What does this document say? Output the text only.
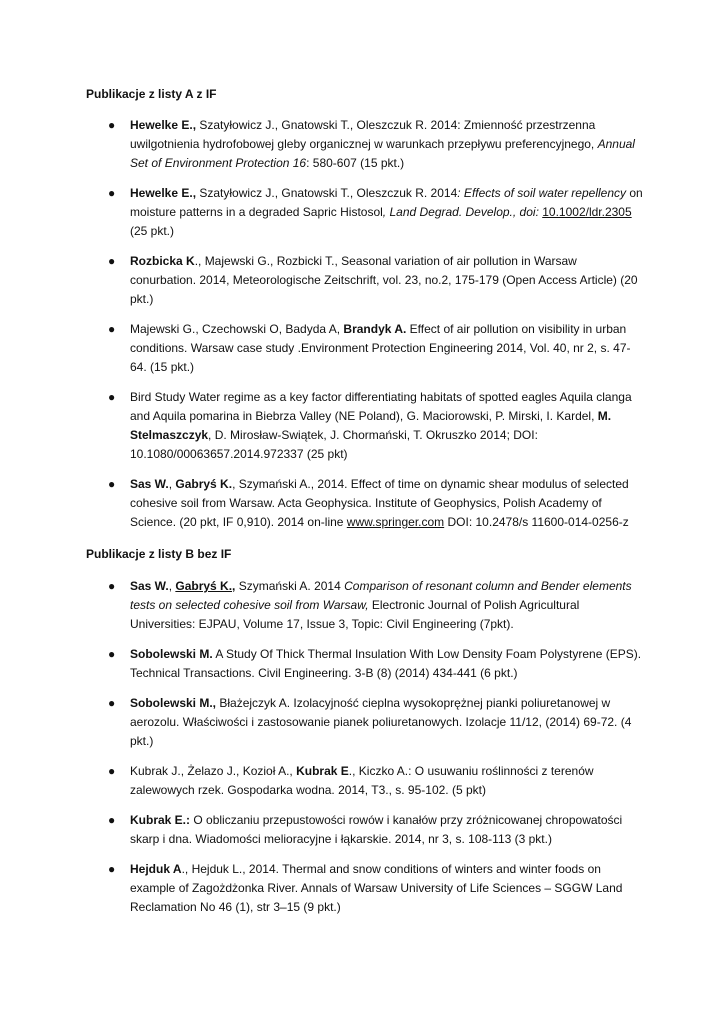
Publikacje z listy A z IF
● Hewelke E., Szatyłowicz J., Gnatowski T., Oleszczuk R. 2014: Zmienność przestrzenna uwilgotnienia hydrofobowej gleby organicznej w warunkach przepływu preferencyjnego, Annual Set of Environment Protection 16: 580-607 (15 pkt.)
● Hewelke E., Szatyłowicz J., Gnatowski T., Oleszczuk R. 2014: Effects of soil water repellency on moisture patterns in a degraded Sapric Histosol, Land Degrad. Develop., doi: 10.1002/ldr.2305 (25 pkt.)
● Rozbicka K., Majewski G., Rozbicki T., Seasonal variation of air pollution in Warsaw conurbation. 2014, Meteorologische Zeitschrift, vol. 23, no.2, 175-179 (Open Access Article) (20 pkt.)
● Majewski G., Czechowski O, Badyda A, Brandyk A. Effect of air pollution on visibility in urban conditions. Warsaw case study .Environment Protection Engineering 2014, Vol. 40, nr 2, s. 47-64. (15 pkt.)
● Bird Study Water regime as a key factor differentiating habitats of spotted eagles Aquila clanga and Aquila pomarina in Biebrza Valley (NE Poland), G. Maciorowski, P. Mirski, I. Kardel, M. Stelmaszczyk, D. Mirosław-Swiątek, J. Chormański, T. Okruszko 2014; DOI: 10.1080/00063657.2014.972337 (25 pkt)
● Sas W., Gabryś K., Szymański A., 2014. Effect of time on dynamic shear modulus of selected cohesive soil from Warsaw. Acta Geophysica. Institute of Geophysics, Polish Academy of Science. (20 pkt, IF 0,910). 2014 on-line www.springer.com DOI: 10.2478/s 11600-014-0256-z
Publikacje z listy B bez IF
● Sas W., Gabryś K., Szymański A. 2014 Comparison of resonant column and Bender elements tests on selected cohesive soil from Warsaw, Electronic Journal of Polish Agricultural Universities: EJPAU, Volume 17, Issue 3, Topic: Civil Engineering (7pkt).
● Sobolewski M. A Study Of Thick Thermal Insulation With Low Density Foam Polystyrene (EPS). Technical Transactions. Civil Engineering. 3-B (8) (2014) 434-441 (6 pkt.)
● Sobolewski M., Błażejczyk A. Izolacyjność cieplna wysokoprężnej pianki poliuretanowej w aerozolu. Właściwości i zastosowanie pianek poliuretanowych. Izolacje 11/12, (2014) 69-72. (4 pkt.)
● Kubrak J., Żelazo J., Kozioł A., Kubrak E., Kiczko A.: O usuwaniu roślinności z terenów zalewowych rzek. Gospodarka wodna. 2014, T3., s. 95-102. (5 pkt)
● Kubrak E.: O obliczaniu przepustowości rowów i kanałów przy zróżnicowanej chropowatości skarp i dna. Wiadomości melioracyjne i łąkarskie. 2014, nr 3, s. 108-113 (3 pkt.)
● Hejduk A., Hejduk L., 2014. Thermal and snow conditions of winters and winter foods on example of Zagożdżonka River. Annals of Warsaw University of Life Sciences – SGGW Land Reclamation No 46 (1), str 3–15 (9 pkt.)
